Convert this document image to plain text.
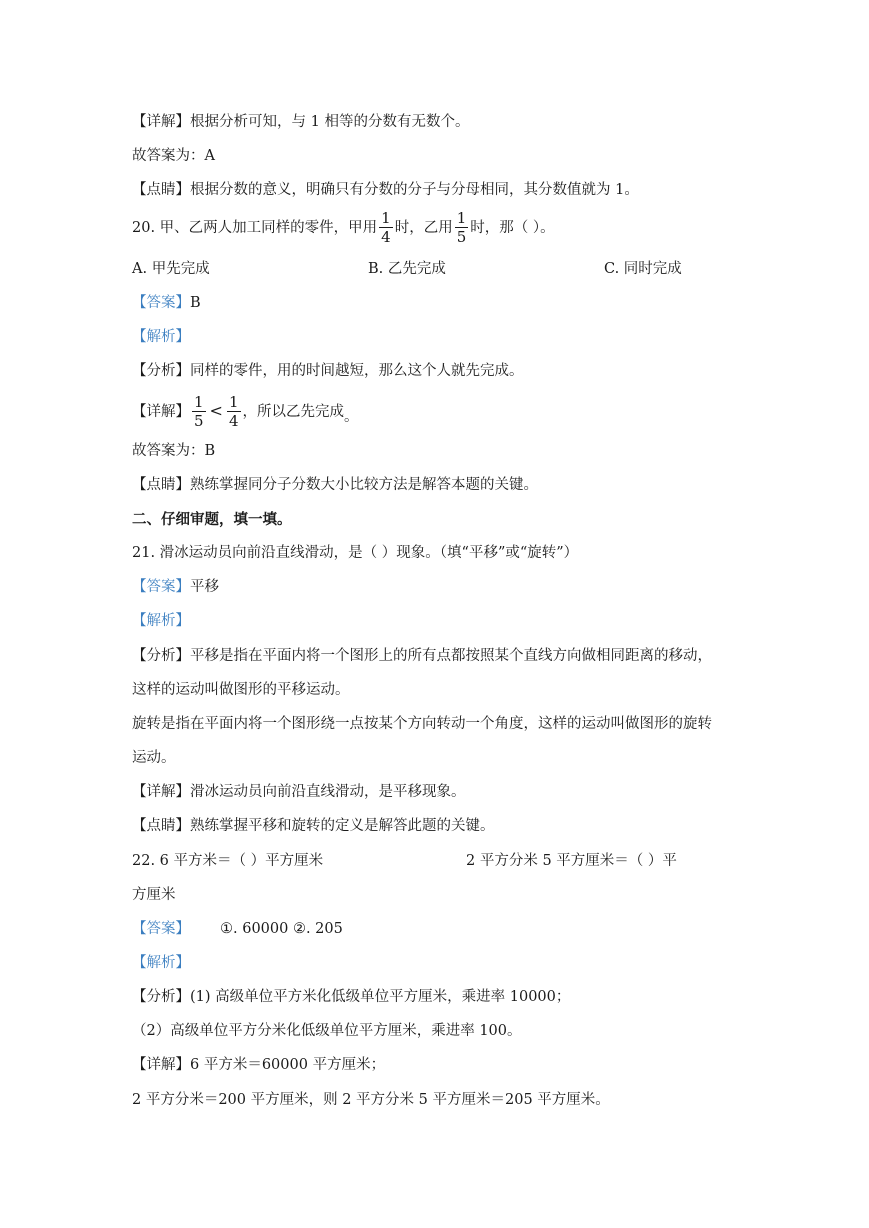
【详解】根据分析可知，与 1 相等的分数有无数个。
故答案为：A
【点睛】根据分数的意义，明确只有分数的分子与分母相同，其分数值就为 1。
20. 甲、乙两人加工同样的零件，甲用 $\frac{1}{4}$ 时，乙用 $\frac{1}{5}$ 时，那（ ）。
A. 甲先完成	B. 乙先完成	C. 同时完成
【答案】B
【解析】
【分析】同样的零件，用的时间越短，那么这个人就先完成。
【详解】 $\frac{1}{5} < \frac{1}{4}$ ，所以乙先完成。
故答案为：B
【点睛】熟练掌握同分子分数大小比较方法是解答本题的关键。
二、仔细审题，填一填。
21. 滑冰运动员向前沿直线滑动，是（ ）现象。（填“平移”或“旋转”）
【答案】平移
【解析】
【分析】平移是指在平面内将一个图形上的所有点都按照某个直线方向做相同距离的移动，
这样的运动叫做图形的平移运动。
旋转是指在平面内将一个图形绕一点按某个方向转动一个角度，这样的运动叫做图形的旋转
运动。
【详解】滑冰运动员向前沿直线滑动，是平移现象。
【点睛】熟练掌握平移和旋转的定义是解答此题的关键。
22. 6 平方米＝（ ）平方厘米	2 平方分米 5 平方厘米＝（ ）平
方厘米
【答案】 ①. 60000 ②. 205
【解析】
【分析】(1) 高级单位平方米化低级单位平方厘米，乘进率 10000；
（2）高级单位平方分米化低级单位平方厘米，乘进率 100。
【详解】6 平方米＝60000 平方厘米；
2 平方分米＝200 平方厘米，则 2 平方分米 5 平方厘米＝205 平方厘米。
